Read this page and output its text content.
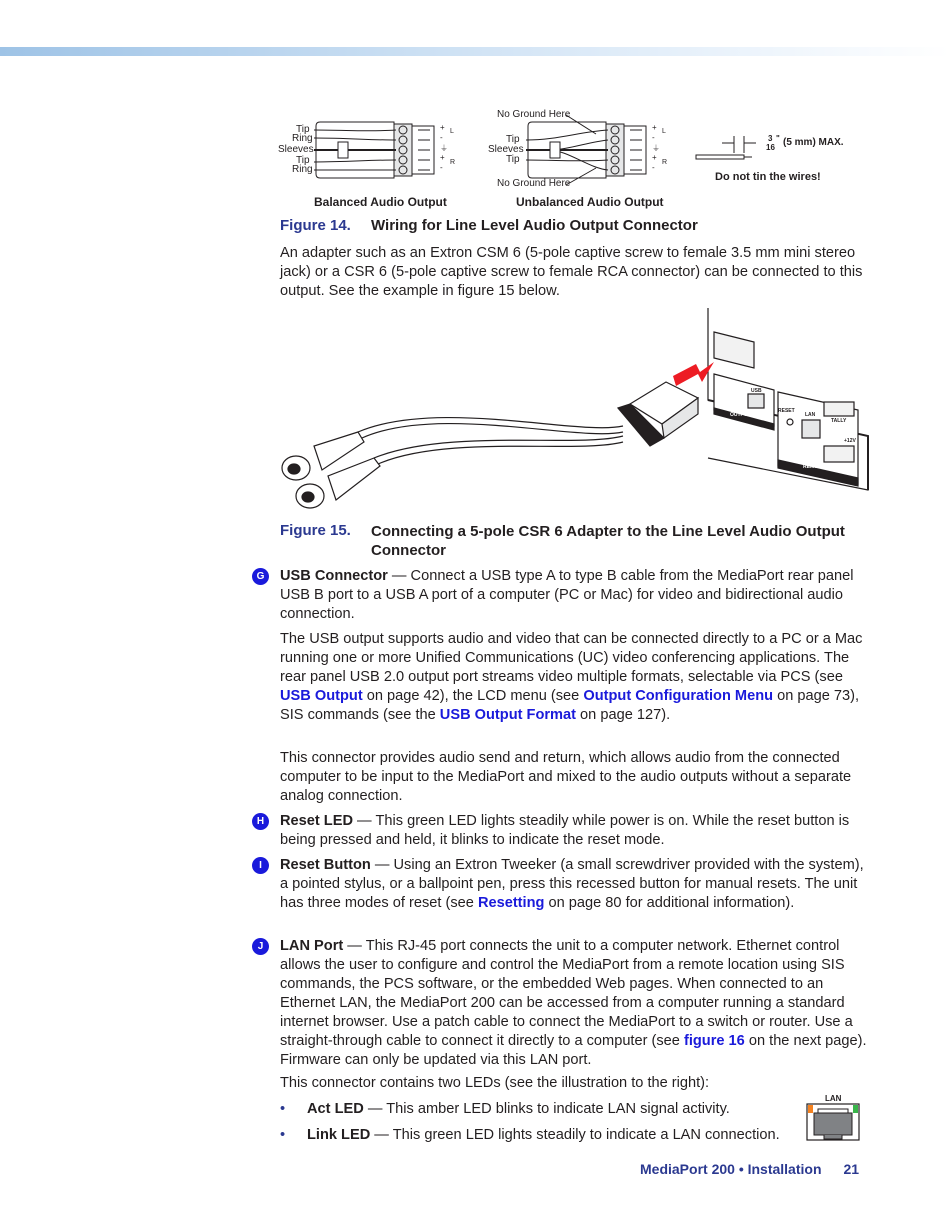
Tip
Ring
Sleeves
Tip
Ring
+
-
⏚
+
-
L
R
Balanced Audio Output
No Ground Here
Tip
Sleeves
Tip
No Ground Here
+
-
⏚
+
-
L
R
Unbalanced Audio Output
3
16
" (5 mm) MAX.
Do not tin the wires!
Figure 14. Wiring for Line Level Audio Output Connector

An adapter such as an Extron CSM 6 (5-pole captive screw to female 3.5 mm mini stereo jack) or a CSR 6 (5-pole captive screw to female RCA connector) can be connected to this output. See the example in figure 15 below.

USB
RESET
LAN
OUTPUT
REMOTE
TALLY
+12V
Figure 15. Connecting a 5-pole CSR 6 Adapter to the Line Level Audio Output
Connector
G	USB Connector — Connect a USB type A to type B cable from the MediaPort rear panel USB B port to a USB A port of a computer (PC or Mac) for video and bidirectional audio connection.

The USB output supports audio and video that can be connected directly to a PC or a Mac running one or more Unified Communications (UC) video conferencing applications. The rear panel USB 2.0 output port streams video multiple formats, selectable via PCS (see USB Output on page 42), the LCD menu (see Output Configuration Menu on page 73), SIS commands (see the USB Output Format on page 127).

This connector provides audio send and return, which allows audio from the connected computer to be input to the MediaPort and mixed to the audio outputs without a separate analog connection.

H	Reset LED — This green LED lights steadily while power is on. While the reset button is being pressed and held, it blinks to indicate the reset mode.

I	Reset Button — Using an Extron Tweeker (a small screwdriver provided with the system), a pointed stylus, or a ballpoint pen, press this recessed button for manual resets. The unit has three modes of reset (see Resetting on page 80 for additional information).

J	LAN Port — This RJ-45 port connects the unit to a computer network. Ethernet control allows the user to configure and control the MediaPort from a remote location using SIS commands, the PCS software, or the embedded Web pages. When connected to an Ethernet LAN, the MediaPort 200 can be accessed from a computer running a standard internet browser. Use a patch cable to connect the MediaPort to a switch or router. Use a straight-through cable to connect it directly to a computer (see figure 16 on the next page). Firmware can only be updated via this LAN port.

This connector contains two LEDs (see the illustration to the right):

• Act LED — This amber LED blinks to indicate LAN signal activity.
• Link LED — This green LED lights steadily to indicate a LAN connection.
LAN
MediaPort 200 • Installation 21
